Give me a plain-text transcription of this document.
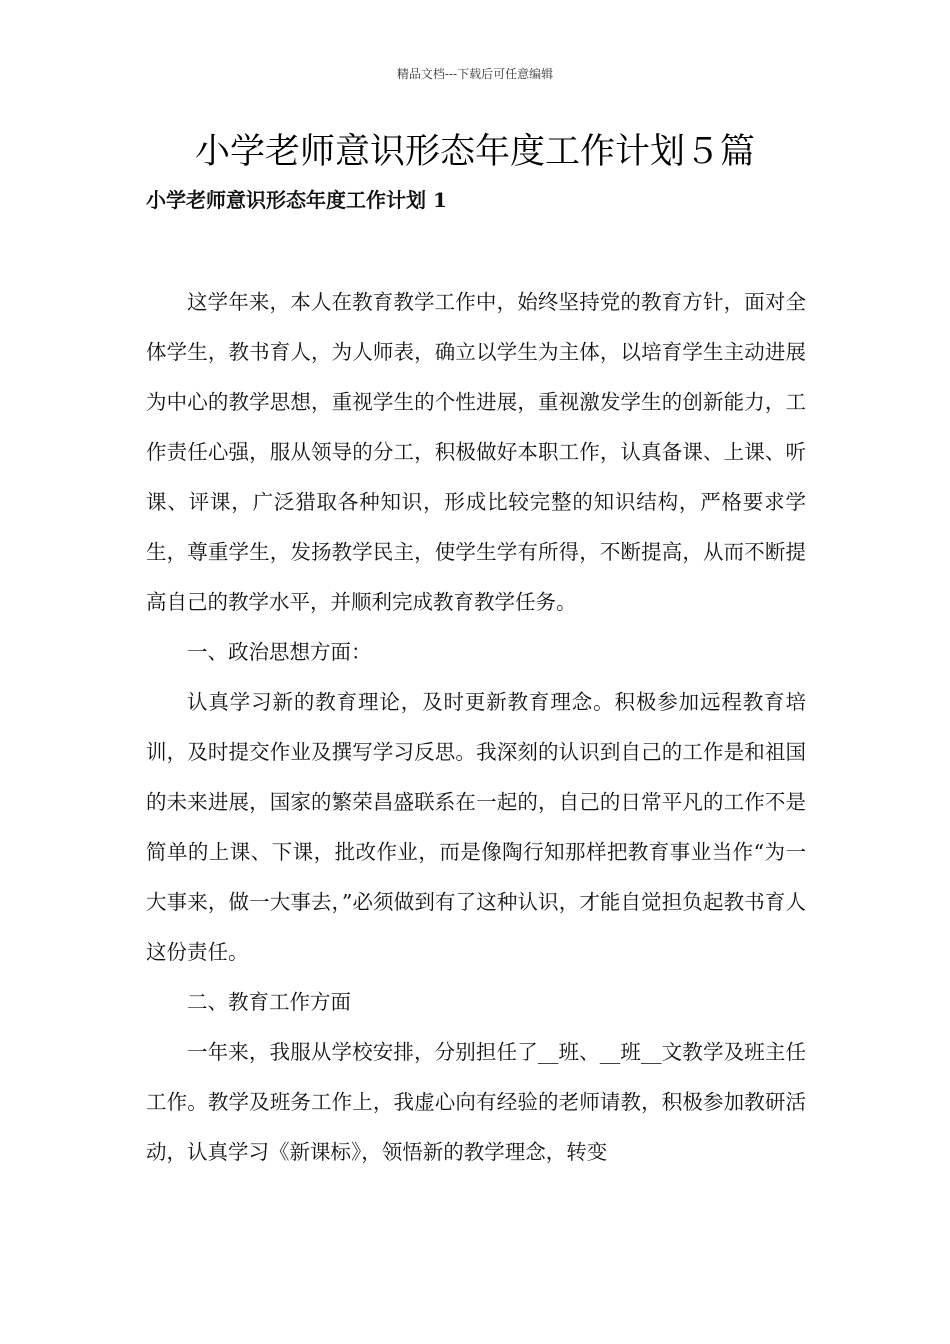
精品文档---下载后可任意编辑
小学老师意识形态年度工作计划５篇
小学老师意识形态年度工作计划 1

这学年来，本人在教育教学工作中，始终坚持党的教育方针，面对全体学生，教书育人，为人师表，确立以学生为主体，以培育学生主动进展为中心的教学思想，重视学生的个性进展，重视激发学生的创新能力，工作责任心强，服从领导的分工，积极做好本职工作，认真备课、上课、听课、评课，广泛猎取各种知识，形成比较完整的知识结构，严格要求学生，尊重学生，发扬教学民主，使学生学有所得，不断提高，从而不断提高自己的教学水平，并顺利完成教育教学任务。

一、政治思想方面：

认真学习新的教育理论，及时更新教育理念。积极参加远程教育培训，及时提交作业及撰写学习反思。我深刻的认识到自己的工作是和祖国的未来进展，国家的繁荣昌盛联系在一起的，自己的日常平凡的工作不是简单的上课、下课，批改作业，而是像陶行知那样把教育事业当作“为一大事来，做一大事去，”必须做到有了这种认识，才能自觉担负起教书育人这份责任。

二、教育工作方面

一年来，我服从学校安排，分别担任了__班、__班__文教学及班主任工作。教学及班务工作上，我虚心向有经验的老师请教，积极参加教研活动，认真学习《新课标》，领悟新的教学理念，转变
